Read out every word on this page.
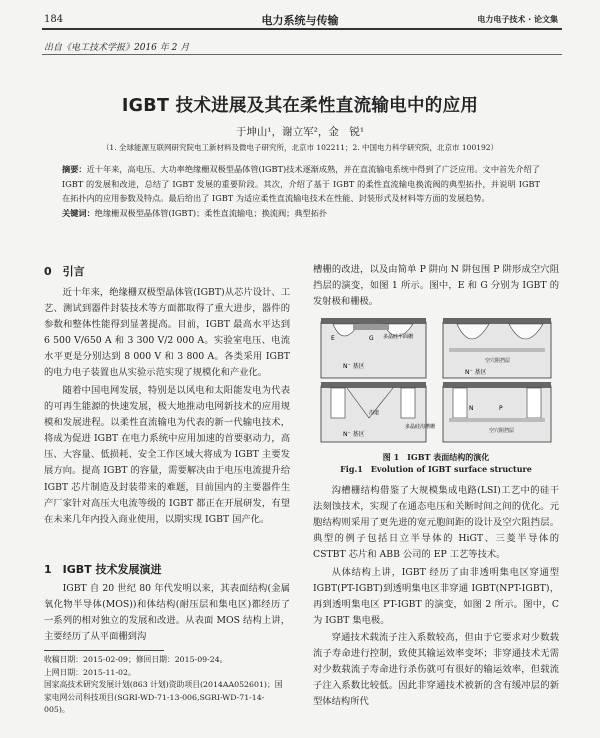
184	电力系统与传输	电力电子技术 · 论文集
出自《电工技术学报》2016 年 2 月
IGBT 技术进展及其在柔性直流输电中的应用
于坤山¹，谢立军²，金　锐¹
（1. 全球能源互联网研究院电工新材料及微电子研究所，北京市 102211；2. 中国电力科学研究院，北京市 100192）
摘要：近十年来，高电压、大功率绝缘栅双极型晶体管(IGBT)技术逐渐成熟，并在直流输电系统中得到了广泛应用。文中首先介绍了 IGBT 的发展和改进，总结了 IGBT 发展的重要阶段。其次，介绍了基于 IGBT 的柔性直流输电换流阀的典型拓扑，并说明 IGBT 在拓扑内的应用参数及特点。最后给出了 IGBT 为适应柔性直流输电技术在性能、封装形式及材料等方面的发展趋势。
关键词：绝缘栅双极型晶体管(IGBT)；柔性直流输电；换流阀；典型拓扑
0　引言
近十年来，绝缘栅双极型晶体管(IGBT)从芯片设计、工艺、测试到器件封装技术等方面都取得了重大进步，器件的参数和整体性能得到显著提高。目前，IGBT 最高水平达到 6 500 V/650 A 和 3 300 V/2 000 A。实验室电压、电流水平更是分别达到 8 000 V 和 3 800 A。各类采用 IGBT 的电力电子装置也从实验示范实现了规模化和产业化。
随着中国电网发展，特别是以风电和太阳能发电为代表的可再生能源的快速发展，极大地推动电网新技术的应用规模和发展进程。以柔性直流输电为代表的新一代输电技术，将成为促进 IGBT 在电力系统中应用加速的首要驱动力，高压、大容量、低损耗、安全工作区域大将成为 IGBT 主要发展方向。提高 IGBT 的容量，需要解决由于电压电流提升给 IGBT 芯片制造及封装带来的难题，目前国内的主要器件生产厂家针对高压大电流等级的 IGBT 都正在开展研发，有望在未来几年内投入商业使用，以期实现 IGBT 国产化。
1　IGBT 技术发展演进
IGBT 自 20 世纪 80 年代发明以来，其表面结构(金属氧化物半导体(MOS))和体结构(耐压层和集电区)都经历了一系列的相对独立的发展和改进。从表面 MOS 结构上讲，主要经历了从平面栅到沟
收稿日期：2015-02-09；修回日期：2015-09-24。
上网日期：2015-11-02。
国家高技术研究发展计划(863 计划)资助项目(2014AA052601)；国家电网公司科技项目(SGRI-WD-71-13-006,SGRI-WD-71-14-005)。
槽栅的改进，以及由简单 P 阱向 N 阱包围 P 阱形成空穴阻挡层的演变，如图 1 所示。图中，E 和 G 分别为 IGBT 的发射极和栅极。
E	G 多晶硅平面栅
N⁻ 基区
空穴阻挡层
N⁻ 基区
N⁻ 基区
沟道
多晶硅沟槽栅
空穴阻挡层
N	P
图 1　IGBT 表面结构的演化
Fig.1　Evolution of IGBT surface structure
沟槽栅结构借鉴了大规模集成电路(LSI)工艺中的硅干法刻蚀技术，实现了在通态电压和关断时间之间的优化。元胞结构则采用了更先进的宽元胞间距的设计及空穴阻挡层。典型的例子包括日立半导体的 HiGT、三菱半导体的 CSTBT 芯片和 ABB 公司的 EP 工艺等技术。
从体结构上讲，IGBT 经历了由非透明集电区穿通型 IGBT(PT-IGBT)到透明集电区非穿通 IGBT(NPT-IGBT)，再到透明集电区 PT-IGBT 的演变，如图 2 所示。图中，C 为 IGBT 集电极。
穿通技术载流子注入系数较高，但由于它要求对少数载流子寿命进行控制，致使其输运效率变坏；非穿通技术无需对少数载流子寿命进行杀伤就可有很好的输运效率，但载流子注入系数比较低。因此非穿通技术被新的含有缓冲层的新型体结构所代
